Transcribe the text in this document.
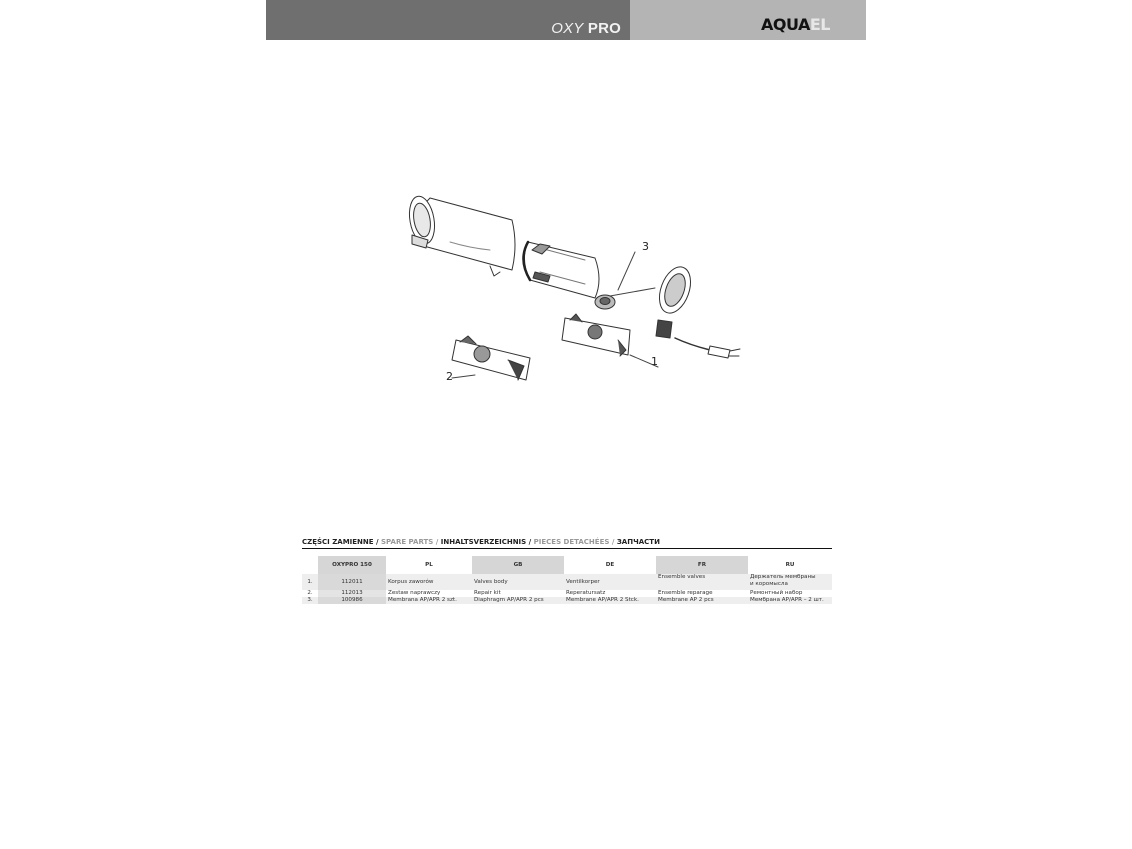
OXY PRO	AQUAEL
3
1
2
CZĘŚCI ZAMIENNE / SPARE PARTS / INHALTSVERZEICHNIS / PIECES DETACHÉES / ЗАПЧАСТИ
	OXYPRO 150	PL	GB	DE	FR	RU
1.	112011	Korpus zaworów	Valves body	Ventilkorper	Ensemble valves	Держатель мембраны
и коромысла

2.	112013	Zestaw naprawczy	Repair kit	Reperatursatz	Ensemble reparage	Ремонтный набор
3.	100986	Membrana AP/APR 2 szt.	Diaphragm AP/APR 2 pcs	Membrane AP/APR 2 Stck.	Membrane AP 2 pcs	Мембрана AP/APR – 2 шт.
